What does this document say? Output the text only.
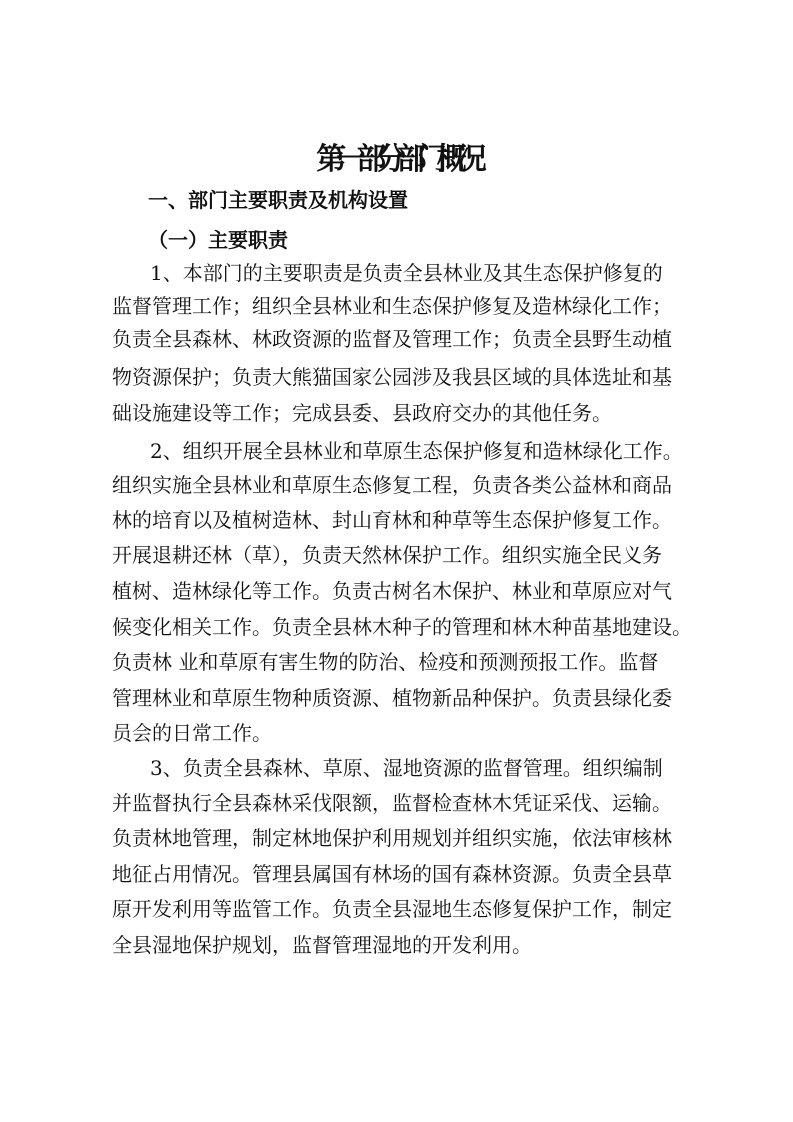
第一部分 部门概况
一、部门主要职责及机构设置
（一）主要职责

1、本部门的主要职责是负责全县林业及其生态保护修复的

监督管理工作；组织全县林业和生态保护修复及造林绿化工作；

负责全县森林、林政资源的监督及管理工作；负责全县野生动植

物资源保护；负责大熊猫国家公园涉及我县区域的具体选址和基

础设施建设等工作；完成县委、县政府交办的其他任务。

2、组织开展全县林业和草原生态保护修复和造林绿化工作。

组织实施全县林业和草原生态修复工程，负责各类公益林和商品

林的培育以及植树造林、封山育林和种草等生态保护修复工作。

开展退耕还林（草），负责天然林保护工作。组织实施全民义务

植树、造林绿化等工作。负责古树名木保护、林业和草原应对气

候变化相关工作。负责全县林木种子的管理和林木种苗基地建设。

负责林 业和草原有害生物的防治、检疫和预测预报工作。监督

管理林业和草原生物种质资源、植物新品种保护。负责县绿化委

员会的日常工作。

3、负责全县森林、草原、湿地资源的监督管理。组织编制

并监督执行全县森林采伐限额，监督检查林木凭证采伐、运输。

负责林地管理，制定林地保护利用规划并组织实施，依法审核林

地征占用情况。管理县属国有林场的国有森林资源。负责全县草

原开发利用等监管工作。负责全县湿地生态修复保护工作，制定

全县湿地保护规划，监督管理湿地的开发利用。
